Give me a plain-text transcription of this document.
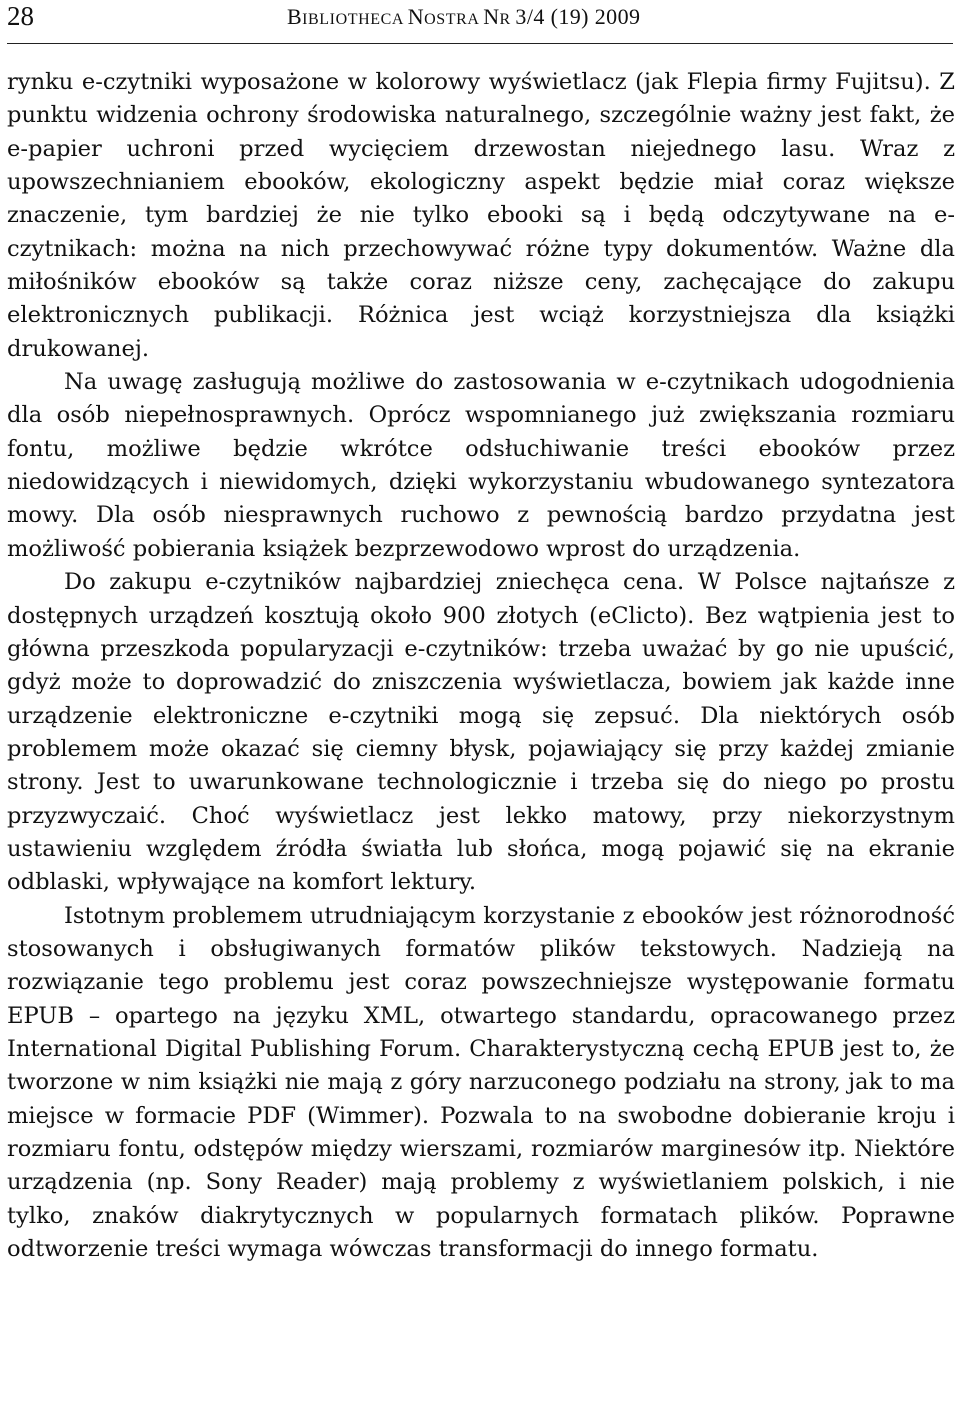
28	BIBLIOTHECA NOSTRA NR 3/4 (19) 2009

rynku e-czytniki wyposażone w kolorowy wyświetlacz (jak Flepia firmy Fujitsu). Z punktu widzenia ochrony środowiska naturalnego, szczególnie ważny jest fakt, że e-papier uchroni przed wycięciem drzewostan niejednego lasu. Wraz z upowszechnianiem ebooków, ekologiczny aspekt będzie miał coraz większe znaczenie, tym bardziej że nie tylko ebooki są i będą odczytywane na e-czytnikach: można na nich przechowywać różne typy dokumentów. Ważne dla miłośników ebooków są także coraz niższe ceny, zachęcające do zakupu elektronicznych publikacji. Różnica jest wciąż korzystniejsza dla książki drukowanej.

Na uwagę zasługują możliwe do zastosowania w e-czytnikach udogodnienia dla osób niepełnosprawnych. Oprócz wspomnianego już zwiększania rozmiaru fontu, możliwe będzie wkrótce odsłuchiwanie treści ebooków przez niedowidzących i niewidomych, dzięki wykorzystaniu wbudowanego syntezatora mowy. Dla osób niesprawnych ruchowo z pewnością bardzo przydatna jest możliwość pobierania książek bezprzewodowo wprost do urządzenia.

Do zakupu e-czytników najbardziej zniechęca cena. W Polsce najtańsze z dostępnych urządzeń kosztują około 900 złotych (eClicto). Bez wątpienia jest to główna przeszkoda popularyzacji e-czytników: trzeba uważać by go nie upuścić, gdyż może to doprowadzić do zniszczenia wyświetlacza, bowiem jak każde inne urządzenie elektroniczne e-czytniki mogą się zepsuć. Dla niektórych osób problemem może okazać się ciemny błysk, pojawiający się przy każdej zmianie strony. Jest to uwarunkowane technologicznie i trzeba się do niego po prostu przyzwyczaić. Choć wyświetlacz jest lekko matowy, przy niekorzystnym ustawieniu względem źródła światła lub słońca, mogą pojawić się na ekranie odblaski, wpływające na komfort lektury.

Istotnym problemem utrudniającym korzystanie z ebooków jest różnorodność stosowanych i obsługiwanych formatów plików tekstowych. Nadzieją na rozwiązanie tego problemu jest coraz powszechniejsze występowanie formatu EPUB – opartego na języku XML, otwartego standardu, opracowanego przez International Digital Publishing Forum. Charakterystyczną cechą EPUB jest to, że tworzone w nim książki nie mają z góry narzuconego podziału na strony, jak to ma miejsce w formacie PDF (Wimmer). Pozwala to na swobodne dobieranie kroju i rozmiaru fontu, odstępów między wierszami, rozmiarów marginesów itp. Niektóre urządzenia (np. Sony Reader) mają problemy z wyświetlaniem polskich, i nie tylko, znaków diakrytycznych w popularnych formatach plików. Poprawne odtworzenie treści wymaga wówczas transformacji do innego formatu.
